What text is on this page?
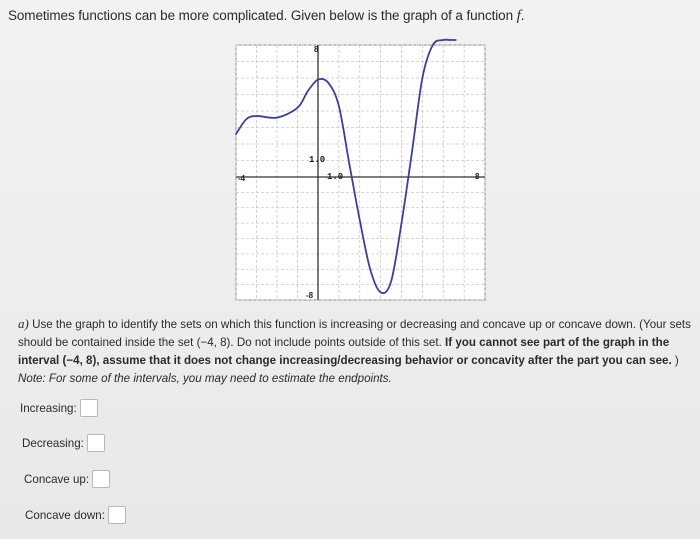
Sometimes functions can be more complicated. Given below is the graph of a function f.
8
-8
-4	8
1.0
1.0
a) Use the graph to identify the sets on which this function is increasing or decreasing and concave up or concave down. (Your sets
should be contained inside the set (−4, 8). Do not include points outside of this set. If you cannot see part of the graph in the
interval (−4, 8), assume that it does not change increasing/decreasing behavior or concavity after the part you can see. )
Note: For some of the intervals, you may need to estimate the endpoints.
Increasing:
Decreasing:
Concave up:
Concave down:
